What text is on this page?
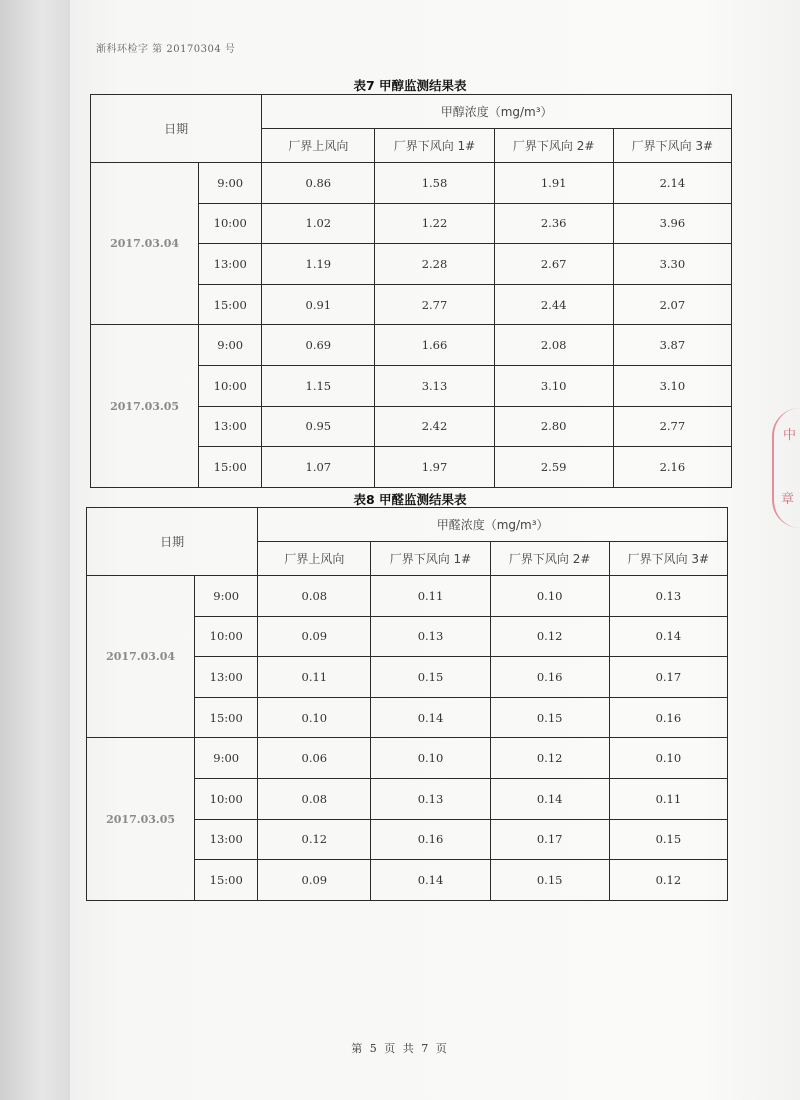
渐科环检字 第 20170304 号
表7 甲醇监测结果表
日期		甲醇浓度（mg/m³）			
		厂界上风向	厂界下风向 1#	厂界下风向 2#	厂界下风向 3#
2017.03.04	9:00	0.86	1.58	1.91	2.14
	10:00	1.02	1.22	2.36	3.96
	13:00	1.19	2.28	2.67	3.30
	15:00	0.91	2.77	2.44	2.07
2017.03.05	9:00	0.69	1.66	2.08	3.87
	10:00	1.15	3.13	3.10	3.10
	13:00	0.95	2.42	2.80	2.77
	15:00	1.07	1.97	2.59	2.16
表8 甲醛监测结果表
日期		甲醛浓度（mg/m³）			
		厂界上风向	厂界下风向 1#	厂界下风向 2#	厂界下风向 3#
2017.03.04	9:00	0.08	0.11	0.10	0.13
	10:00	0.09	0.13	0.12	0.14
	13:00	0.11	0.15	0.16	0.17
	15:00	0.10	0.14	0.15	0.16
2017.03.05	9:00	0.06	0.10	0.12	0.10
	10:00	0.08	0.13	0.14	0.11
	13:00	0.12	0.16	0.17	0.15
	15:00	0.09	0.14	0.15	0.12
中
章
第 5 页 共 7 页
